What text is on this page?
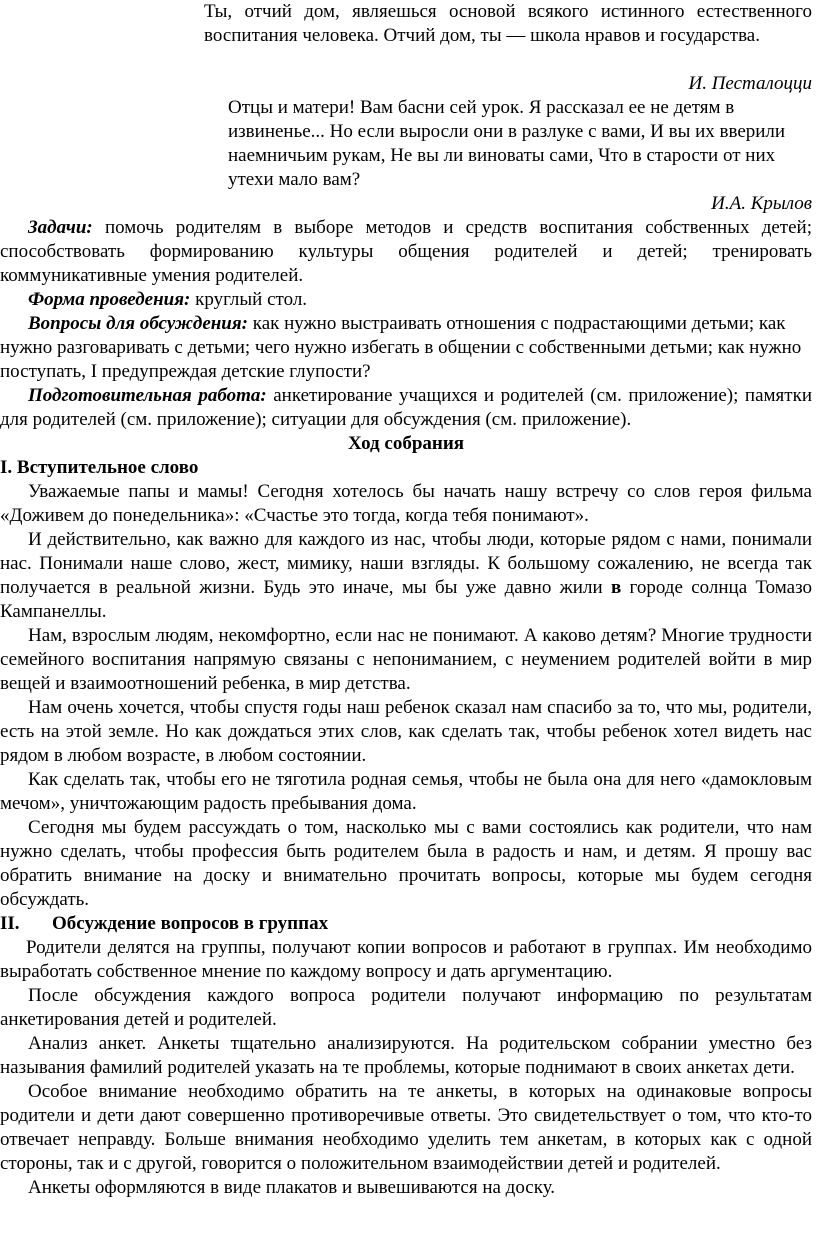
Ты, отчий дом, являешься основой всякого истинного естественного воспитания человека. Отчий дом, ты — школа нравов и государства.

И. Песталоцци

Отцы и матери! Вам басни сей урок. Я рассказал ее не детям в извиненье... Но если выросли они в разлуке с вами, И вы их вверили наемничьим рукам, Не вы ли виноваты сами, Что в старости от них утехи мало вам?

И.А. Крылов

Задачи: помочь родителям в выборе методов и средств воспитания собственных детей; способствовать формированию культуры общения родителей и детей; тренировать коммуникативные умения родителей.

Форма проведения: круглый стол.

Вопросы для обсуждения: как нужно выстраивать отношения с подрастающими детьми; как нужно разговаривать с детьми; чего нужно избегать в общении с собственными детьми; как нужно поступать, I предупреждая детские глупости?

Подготовительная работа: анкетирование учащихся и родителей (см. приложение); памятки для родителей (см. приложение); ситуации для обсуждения (см. приложение).

Ход собрания

I. Вступительное слово

Уважаемые папы и мамы! Сегодня хотелось бы начать нашу встречу со слов героя фильма «Доживем до понедельника»: «Счастье это тогда, когда тебя понимают».

И действительно, как важно для каждого из нас, чтобы люди, которые рядом с нами, понимали нас. Понимали наше слово, жест, мимику, наши взгляды. К большому сожалению, не всегда так получается в реальной жизни. Будь это иначе, мы бы уже давно жили в городе солнца Томазо Кампанеллы.

Нам, взрослым людям, некомфортно, если нас не понимают. А каково детям? Многие трудности семейного воспитания напрямую связаны с непониманием, с неумением родителей войти в мир вещей и взаимоотношений ребенка, в мир детства.

Нам очень хочется, чтобы спустя годы наш ребенок сказал нам спасибо за то, что мы, родители, есть на этой земле. Но как дождаться этих слов, как сделать так, чтобы ребенок хотел видеть нас рядом в любом возрасте, в любом состоянии.

Как сделать так, чтобы его не тяготила родная семья, чтобы не была она для него «дамокловым мечом», уничтожающим радость пребывания дома.

Сегодня мы будем рассуждать о том, насколько мы с вами состоялись как родители, что нам нужно сделать, чтобы профессия быть родителем была в радость и нам, и детям. Я прошу вас обратить внимание на доску и внимательно прочитать вопросы, которые мы будем сегодня обсуждать.

II.	Обсуждение вопросов в группах

Родители делятся на группы, получают копии вопросов и работают в группах. Им необходимо выработать собственное мнение по каждому вопросу и дать аргументацию.

После обсуждения каждого вопроса родители получают информацию по результатам анкетирования детей и родителей.

Анализ анкет. Анкеты тщательно анализируются. На родительском собрании уместно без называния фамилий родителей указать на те проблемы, которые поднимают в своих анкетах дети.

Особое внимание необходимо обратить на те анкеты, в которых на одинаковые вопросы родители и дети дают совершенно противоречивые ответы. Это свидетельствует о том, что кто-то отвечает неправду. Больше внимания необходимо уделить тем анкетам, в которых как с одной стороны, так и с другой, говорится о положительном взаимодействии детей и родителей.

Анкеты оформляются в виде плакатов и вывешиваются на доску.
